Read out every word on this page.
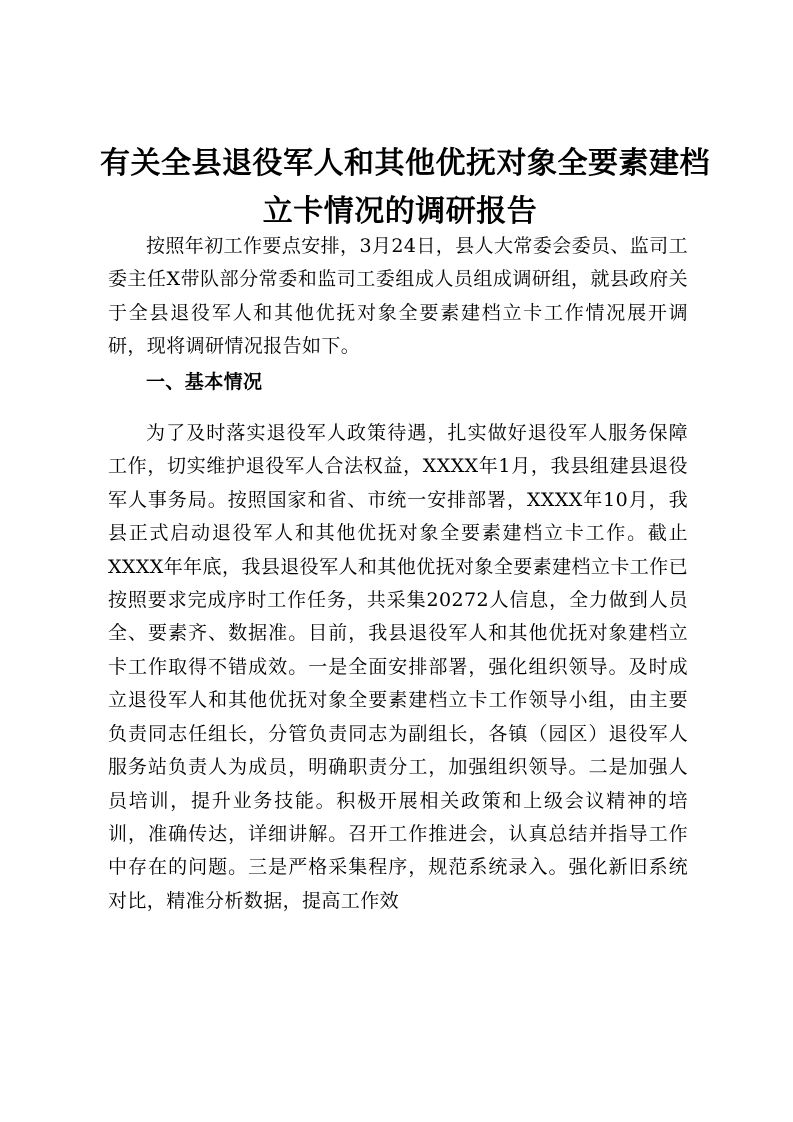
有关全县退役军人和其他优抚对象全要素建档
立卡情况的调研报告

按照年初工作要点安排，3月24日，县人大常委会委员、监司工委主任X带队部分常委和监司工委组成人员组成调研组，就县政府关于全县退役军人和其他优抚对象全要素建档立卡工作情况展开调研，现将调研情况报告如下。

一、基本情况

为了及时落实退役军人政策待遇，扎实做好退役军人服务保障工作，切实维护退役军人合法权益，XXXX年1月，我县组建县退役军人事务局。按照国家和省、市统一安排部署，XXXX年10月，我县正式启动退役军人和其他优抚对象全要素建档立卡工作。截止XXXX年年底，我县退役军人和其他优抚对象全要素建档立卡工作已按照要求完成序时工作任务，共采集20272人信息，全力做到人员全、要素齐、数据准。目前，我县退役军人和其他优抚对象建档立卡工作取得不错成效。一是全面安排部署，强化组织领导。及时成立退役军人和其他优抚对象全要素建档立卡工作领导小组，由主要负责同志任组长，分管负责同志为副组长，各镇（园区）退役军人服务站负责人为成员，明确职责分工，加强组织领导。二是加强人员培训，提升业务技能。积极开展相关政策和上级会议精神的培训，准确传达，详细讲解。召开工作推进会，认真总结并指导工作中存在的问题。三是严格采集程序，规范系统录入。强化新旧系统对比，精准分析数据，提高工作效
